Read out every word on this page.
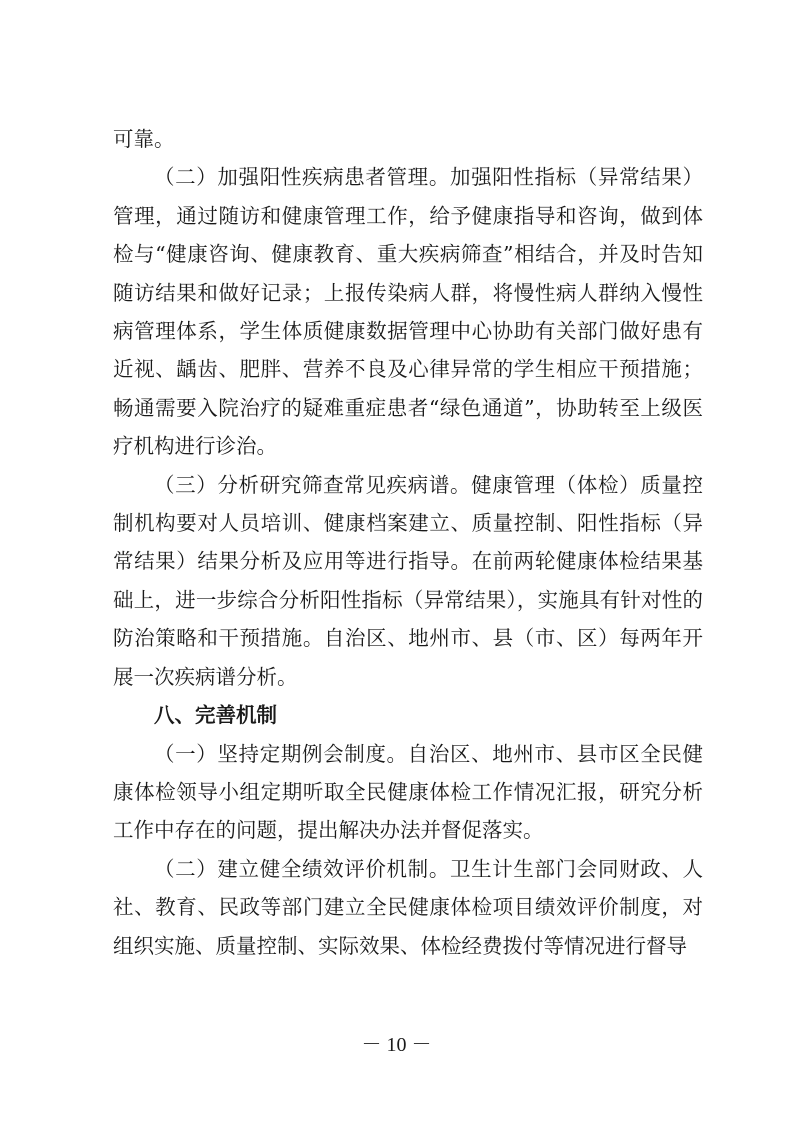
可靠。

（二）加强阳性疾病患者管理。加强阳性指标（异常结果）管理，通过随访和健康管理工作，给予健康指导和咨询，做到体检与“健康咨询、健康教育、重大疾病筛查”相结合，并及时告知随访结果和做好记录；上报传染病人群，将慢性病人群纳入慢性病管理体系，学生体质健康数据管理中心协助有关部门做好患有近视、龋齿、肥胖、营养不良及心律异常的学生相应干预措施；畅通需要入院治疗的疑难重症患者“绿色通道”，协助转至上级医疗机构进行诊治。

（三）分析研究筛查常见疾病谱。健康管理（体检）质量控制机构要对人员培训、健康档案建立、质量控制、阳性指标（异常结果）结果分析及应用等进行指导。在前两轮健康体检结果基础上，进一步综合分析阳性指标（异常结果），实施具有针对性的防治策略和干预措施。自治区、地州市、县（市、区）每两年开展一次疾病谱分析。

八、完善机制

（一）坚持定期例会制度。自治区、地州市、县市区全民健康体检领导小组定期听取全民健康体检工作情况汇报，研究分析工作中存在的问题，提出解决办法并督促落实。

（二）建立健全绩效评价机制。卫生计生部门会同财政、人社、教育、民政等部门建立全民健康体检项目绩效评价制度，对组织实施、质量控制、实际效果、体检经费拨付等情况进行督导

－ 10 －
